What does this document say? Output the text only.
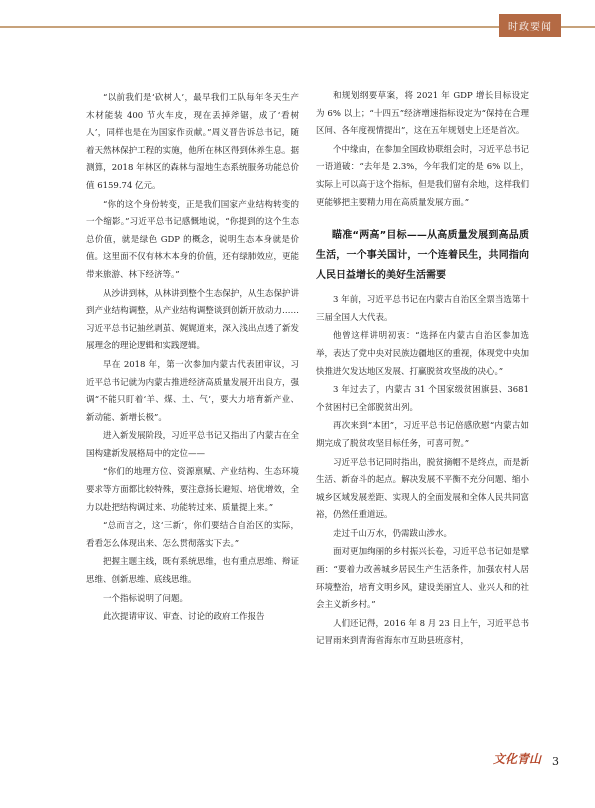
时政要闻

“以前我们是‘砍树人’，最早我们工队每年冬天生产木材能装 400 节火车皮，现在丢掉斧锯，成了‘看树人’，同样也是在为国家作贡献。”周义晋告诉总书记，随着天然林保护工程的实施，他所在林区得到休养生息。据测算，2018 年林区的森林与湿地生态系统服务功能总价值 6159.74 亿元。

“你的这个身份转变，正是我们国家产业结构转变的一个缩影。”习近平总书记感慨地说，“你提到的这个生态总价值，就是绿色 GDP 的概念，说明生态本身就是价值。这里面不仅有林木本身的价值，还有绿肺效应，更能带来旅游、林下经济等。”

从沙讲到林，从林讲到整个生态保护，从生态保护讲到产业结构调整，从产业结构调整谈到创新开放动力……习近平总书记抽丝剥茧、娓娓道来，深入浅出点透了新发展理念的理论逻辑和实践逻辑。

早在 2018 年，第一次参加内蒙古代表团审议，习近平总书记就为内蒙古推进经济高质量发展开出良方，强调“不能只盯着‘羊、煤、土、气’，要大力培育新产业、新动能、新增长极”。

进入新发展阶段，习近平总书记又指出了内蒙古在全国构建新发展格局中的定位——

“你们的地理方位、资源禀赋、产业结构、生态环境要求等方面都比较特殊，要注意扬长避短、培优增效，全力以赴把结构调过来、功能转过来、质量提上来。”

“总而言之，这‘三新’，你们要结合自治区的实际，看看怎么体现出来、怎么贯彻落实下去。”

把握主题主线，既有系统思维，也有重点思维、辩证思维、创新思维、底线思维。

一个指标说明了问题。

此次提请审议、审查、讨论的政府工作报告

和规划纲要草案，将 2021 年 GDP 增长目标设定为 6% 以上；“十四五”经济增速指标设定为“保持在合理区间、各年度视情提出”，这在五年规划史上还是首次。

个中缘由，在参加全国政协联组会时，习近平总书记一语道破：“去年是 2.3%，今年我们定的是 6% 以上，实际上可以高于这个指标，但是我们留有余地，这样我们更能够把主要精力用在高质量发展方面。”

瞄准“两高”目标——从高质量发展到高品质生活，一个事关国计，一个连着民生，共同指向人民日益增长的美好生活需要

3 年前，习近平总书记在内蒙古自治区全票当选第十三届全国人大代表。

他曾这样讲明初衷：“选择在内蒙古自治区参加选举，表达了党中央对民族边疆地区的重视，体现党中央加快推进欠发达地区发展、打赢脱贫攻坚战的决心。”

3 年过去了，内蒙古 31 个国家级贫困旗县、3681 个贫困村已全部脱贫出列。

再次来到“本团”，习近平总书记倍感欣慰“内蒙古如期完成了脱贫攻坚目标任务，可喜可贺。”

习近平总书记同时指出，脱贫摘帽不是终点，而是新生活、新奋斗的起点。解决发展不平衡不充分问题、缩小城乡区域发展差距、实现人的全面发展和全体人民共同富裕，仍然任重道远。

走过千山万水，仍需跋山涉水。

面对更加绚丽的乡村振兴长卷，习近平总书记如是擘画：“要着力改善城乡居民生产生活条件，加强农村人居环境整治，培育文明乡风，建设美丽宜人、业兴人和的社会主义新乡村。”

人们还记得，2016 年 8 月 23 日上午，习近平总书记冒雨来到青海省海东市互助县班彦村，

文化青山 3
